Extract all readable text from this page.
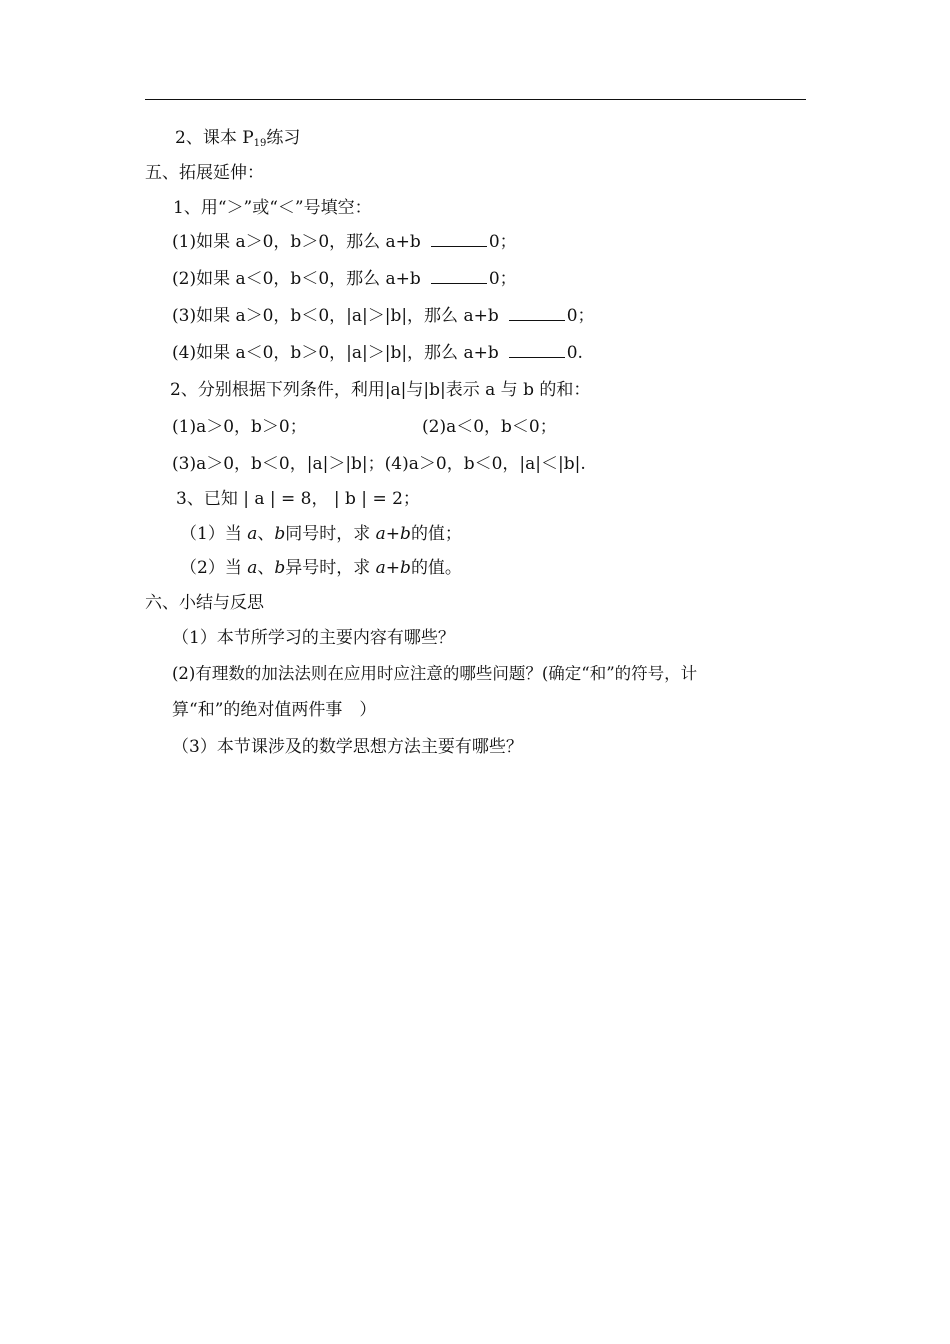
2、课本 $P_{19}$练习
五、拓展延伸：
1、用“＞”或“＜”号填空：
(1)如果 a＞0，b＞0，那么 a+b	0；
(2)如果 a＜0，b＜0，那么 a+b	0；
(3)如果 a＞0，b＜0，|a|＞|b|，那么 a+b	0；
(4)如果 a＜0，b＞0，|a|＞|b|，那么 a+b	0.
2、分别根据下列条件，利用|a|与|b|表示 a 与 b 的和：
(1)a＞0，b＞0；	(2)a＜0，b＜0；
(3)a＞0，b＜0，|a|＞|b|；(4)a＞0，b＜0，|a|＜|b|.
3、已知 | a | = 8， | b | = 2；
（1）当 a、b同号时，求 a+b的值；
（2）当 a、b异号时，求 a+b的值。
六、小结与反思
（1）本节所学习的主要内容有哪些？
(2)有理数的加法法则在应用时应注意的哪些问题？(确定“和”的符号，计
算“和”的绝对值两件事　）
（3）本节课涉及的数学思想方法主要有哪些？
